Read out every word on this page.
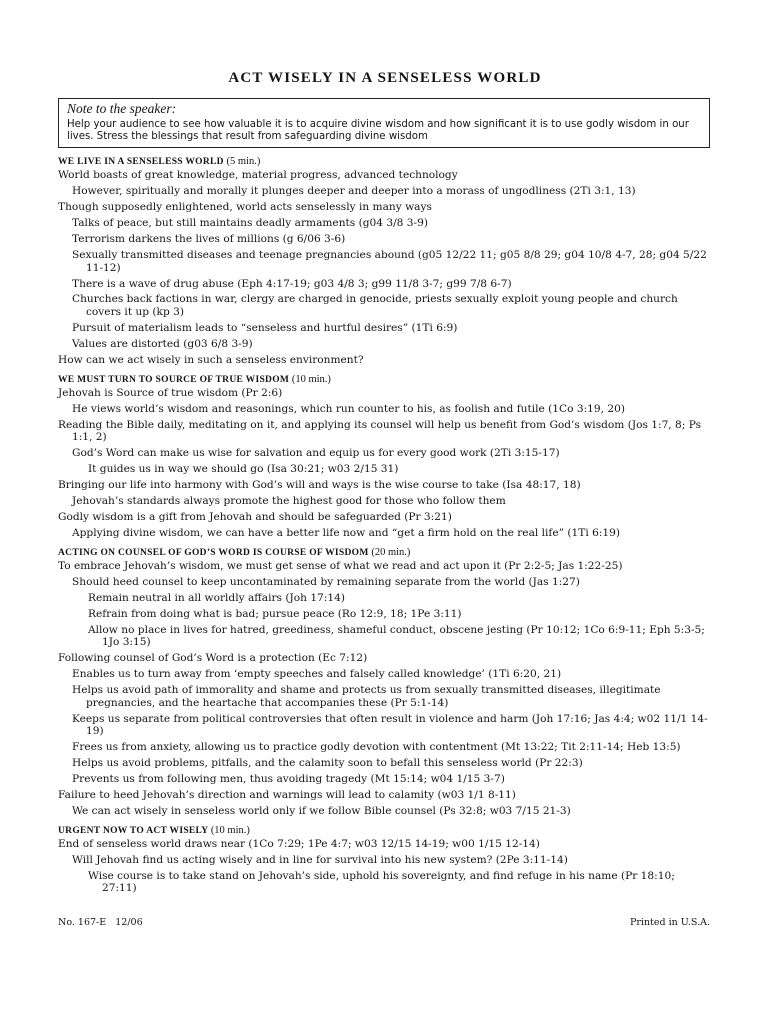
ACT WISELY IN A SENSELESS WORLD
Note to the speaker:
Help your audience to see how valuable it is to acquire divine wisdom and how significant it is to use godly wisdom in our lives. Stress the blessings that result from safeguarding divine wisdom
WE LIVE IN A SENSELESS WORLD (5 min.)
World boasts of great knowledge, material progress, advanced technology
However, spiritually and morally it plunges deeper and deeper into a morass of ungodliness (2Ti 3:1, 13)
Though supposedly enlightened, world acts senselessly in many ways
Talks of peace, but still maintains deadly armaments (g04 3/8 3-9)
Terrorism darkens the lives of millions (g 6/06 3-6)
Sexually transmitted diseases and teenage pregnancies abound (g05 12/22 11; g05 8/8 29; g04 10/8 4-7, 28; g04 5/22 11-12)
There is a wave of drug abuse (Eph 4:17-19; g03 4/8 3; g99 11/8 3-7; g99 7/8 6-7)
Churches back factions in war, clergy are charged in genocide, priests sexually exploit young people and church covers it up (kp 3)
Pursuit of materialism leads to “senseless and hurtful desires” (1Ti 6:9)
Values are distorted (g03 6/8 3-9)
How can we act wisely in such a senseless environment?
WE MUST TURN TO SOURCE OF TRUE WISDOM (10 min.)
Jehovah is Source of true wisdom (Pr 2:6)
He views world’s wisdom and reasonings, which run counter to his, as foolish and futile (1Co 3:19, 20)
Reading the Bible daily, meditating on it, and applying its counsel will help us benefit from God’s wisdom (Jos 1:7, 8; Ps 1:1, 2)
God’s Word can make us wise for salvation and equip us for every good work (2Ti 3:15-17)
It guides us in way we should go (Isa 30:21; w03 2/15 31)
Bringing our life into harmony with God’s will and ways is the wise course to take (Isa 48:17, 18)
Jehovah’s standards always promote the highest good for those who follow them
Godly wisdom is a gift from Jehovah and should be safeguarded (Pr 3:21)
Applying divine wisdom, we can have a better life now and “get a firm hold on the real life” (1Ti 6:19)
ACTING ON COUNSEL OF GOD’S WORD IS COURSE OF WISDOM (20 min.)
To embrace Jehovah’s wisdom, we must get sense of what we read and act upon it (Pr 2:2-5; Jas 1:22-25)
Should heed counsel to keep uncontaminated by remaining separate from the world (Jas 1:27)
Remain neutral in all worldly affairs (Joh 17:14)
Refrain from doing what is bad; pursue peace (Ro 12:9, 18; 1Pe 3:11)
Allow no place in lives for hatred, greediness, shameful conduct, obscene jesting (Pr 10:12; 1Co 6:9-11; Eph 5:3-5; 1Jo 3:15)
Following counsel of God’s Word is a protection (Ec 7:12)
Enables us to turn away from ‘empty speeches and falsely called knowledge’ (1Ti 6:20, 21)
Helps us avoid path of immorality and shame and protects us from sexually transmitted diseases, illegitimate pregnancies, and the heartache that accompanies these (Pr 5:1-14)
Keeps us separate from political controversies that often result in violence and harm (Joh 17:16; Jas 4:4; w02 11/1 14-19)
Frees us from anxiety, allowing us to practice godly devotion with contentment (Mt 13:22; Tit 2:11-14; Heb 13:5)
Helps us avoid problems, pitfalls, and the calamity soon to befall this senseless world (Pr 22:3)
Prevents us from following men, thus avoiding tragedy (Mt 15:14; w04 1/15 3-7)
Failure to heed Jehovah’s direction and warnings will lead to calamity (w03 1/1 8-11)
We can act wisely in senseless world only if we follow Bible counsel (Ps 32:8; w03 7/15 21-3)
URGENT NOW TO ACT WISELY (10 min.)
End of senseless world draws near (1Co 7:29; 1Pe 4:7; w03 12/15 14-19; w00 1/15 12-14)
Will Jehovah find us acting wisely and in line for survival into his new system? (2Pe 3:11-14)
Wise course is to take stand on Jehovah’s side, uphold his sovereignty, and find refuge in his name (Pr 18:10; 27:11)
No. 167-E   12/06	Printed in U.S.A.
